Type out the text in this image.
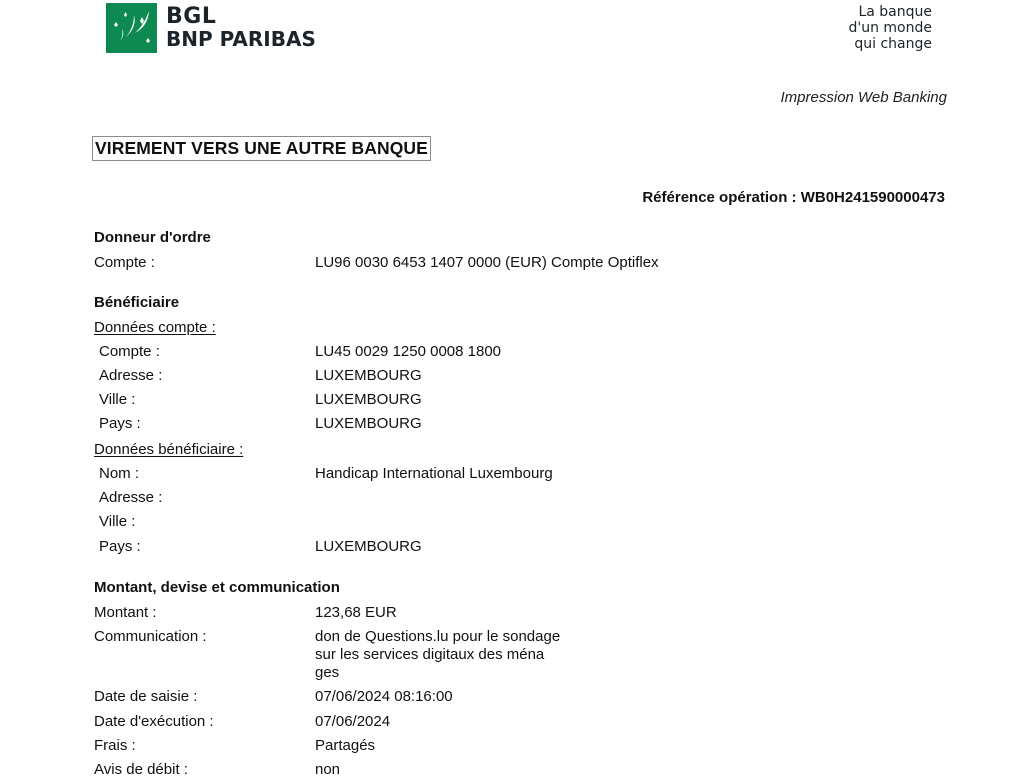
BGL
BNP PARIBAS
La banque
d'un monde
qui change
Impression Web Banking
VIREMENT VERS UNE AUTRE BANQUE
Référence opération : WB0H241590000473
Donneur d'ordre
Compte :	LU96 0030 6453 1407 0000 (EUR) Compte Optiflex
Bénéficiaire
Données compte :
Compte :	LU45 0029 1250 0008 1800
Adresse :	LUXEMBOURG
Ville :	LUXEMBOURG
Pays :	LUXEMBOURG
Données bénéficiaire :
Nom :	Handicap International Luxembourg
Adresse :
Ville :
Pays :	LUXEMBOURG
Montant, devise et communication
Montant :	123,68 EUR
Communication :	don de Questions.lu pour le sondage
sur les services digitaux des ména
ges
Date de saisie :	07/06/2024 08:16:00
Date d'exécution :	07/06/2024
Frais :	Partagés
Avis de débit :	non
